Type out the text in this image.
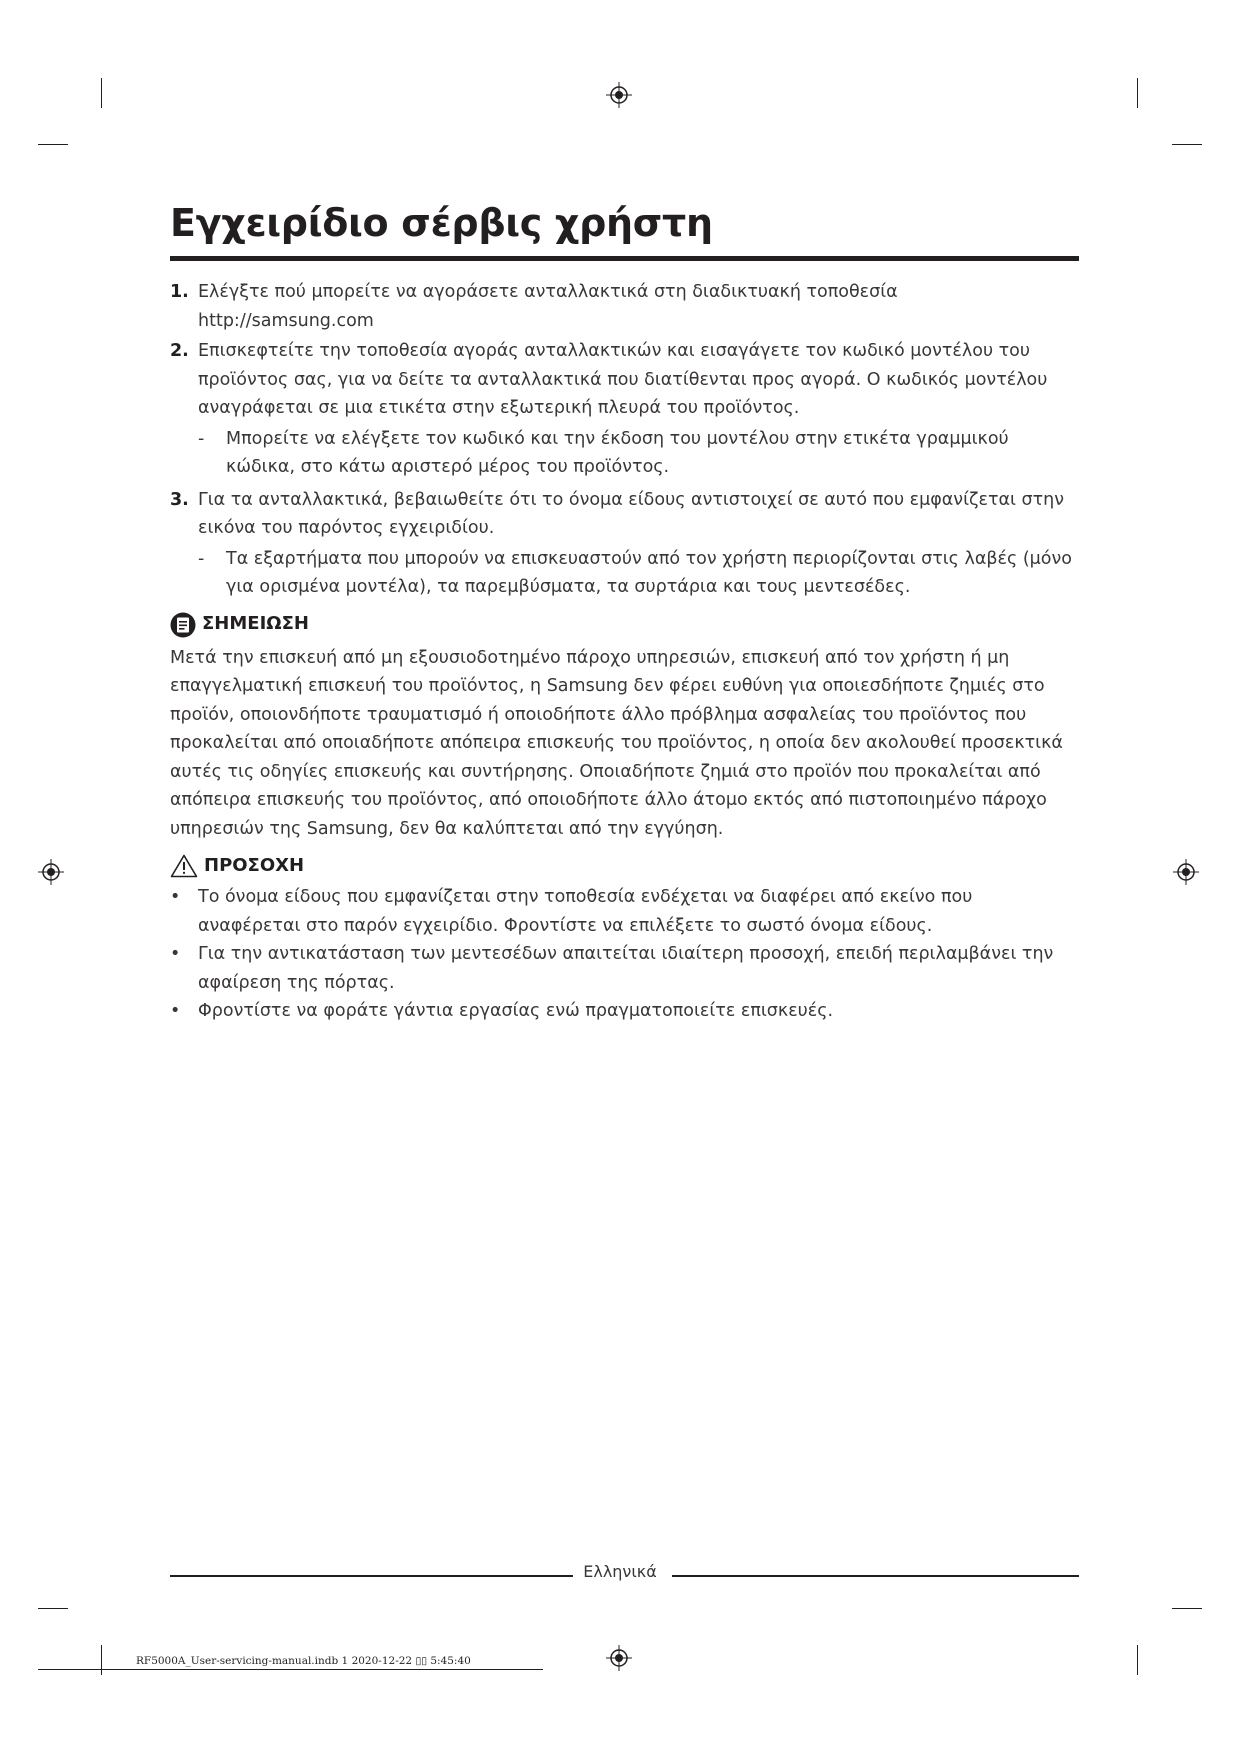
Εγχειρίδιο σέρβις χρήστη
1. Ελέγξτε πού μπορείτε να αγοράσετε ανταλλακτικά στη διαδικτυακή τοποθεσία http://samsung.com
2. Επισκεφτείτε την τοποθεσία αγοράς ανταλλακτικών και εισαγάγετε τον κωδικό μοντέλου του προϊόντος σας, για να δείτε τα ανταλλακτικά που διατίθενται προς αγορά. Ο κωδικός μοντέλου αναγράφεται σε μια ετικέτα στην εξωτερική πλευρά του προϊόντος.
- Μπορείτε να ελέγξετε τον κωδικό και την έκδοση του μοντέλου στην ετικέτα γραμμικού κώδικα, στο κάτω αριστερό μέρος του προϊόντος.
3. Για τα ανταλλακτικά, βεβαιωθείτε ότι το όνομα είδους αντιστοιχεί σε αυτό που εμφανίζεται στην εικόνα του παρόντος εγχειριδίου.
- Τα εξαρτήματα που μπορούν να επισκευαστούν από τον χρήστη περιορίζονται στις λαβές (μόνο για ορισμένα μοντέλα), τα παρεμβύσματα, τα συρτάρια και τους μεντεσέδες.
ΣΗΜΕΙΩΣΗ
Μετά την επισκευή από μη εξουσιοδοτημένο πάροχο υπηρεσιών, επισκευή από τον χρήστη ή μη επαγγελματική επισκευή του προϊόντος, η Samsung δεν φέρει ευθύνη για οποιεσδήποτε ζημιές στο προϊόν, οποιονδήποτε τραυματισμό ή οποιοδήποτε άλλο πρόβλημα ασφαλείας του προϊόντος που προκαλείται από οποιαδήποτε απόπειρα επισκευής του προϊόντος, η οποία δεν ακολουθεί προσεκτικά αυτές τις οδηγίες επισκευής και συντήρησης. Οποιαδήποτε ζημιά στο προϊόν που προκαλείται από απόπειρα επισκευής του προϊόντος, από οποιοδήποτε άλλο άτομο εκτός από πιστοποιημένο πάροχο υπηρεσιών της Samsung, δεν θα καλύπτεται από την εγγύηση.
ΠΡΟΣΟΧΗ
• Το όνομα είδους που εμφανίζεται στην τοποθεσία ενδέχεται να διαφέρει από εκείνο που αναφέρεται στο παρόν εγχειρίδιο. Φροντίστε να επιλέξετε το σωστό όνομα είδους.
• Για την αντικατάσταση των μεντεσέδων απαιτείται ιδιαίτερη προσοχή, επειδή περιλαμβάνει την αφαίρεση της πόρτας.
• Φροντίστε να φοράτε γάντια εργασίας ενώ πραγματοποιείτε επισκευές.
Ελληνικά
RF5000A_User-servicing-manual.indb 1 2020-12-22 ▯▯ 5:45:40
